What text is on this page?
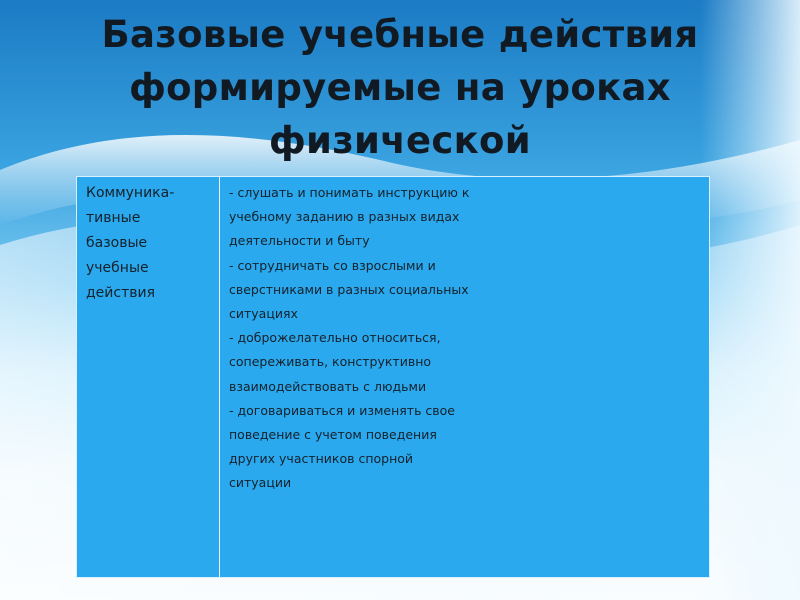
Базовые учебные действия
формируемые на уроках
физической
Коммуника-
тивные
базовые
учебные
действия
- слушать и понимать инструкцию к
учебному заданию в разных видах
деятельности и быту
- сотрудничать со взрослыми и
сверстниками в разных социальных
ситуациях
- доброжелательно относиться,
сопереживать, конструктивно
взаимодействовать с людьми
- договариваться и изменять свое
поведение с учетом поведения
других участников спорной
ситуации
